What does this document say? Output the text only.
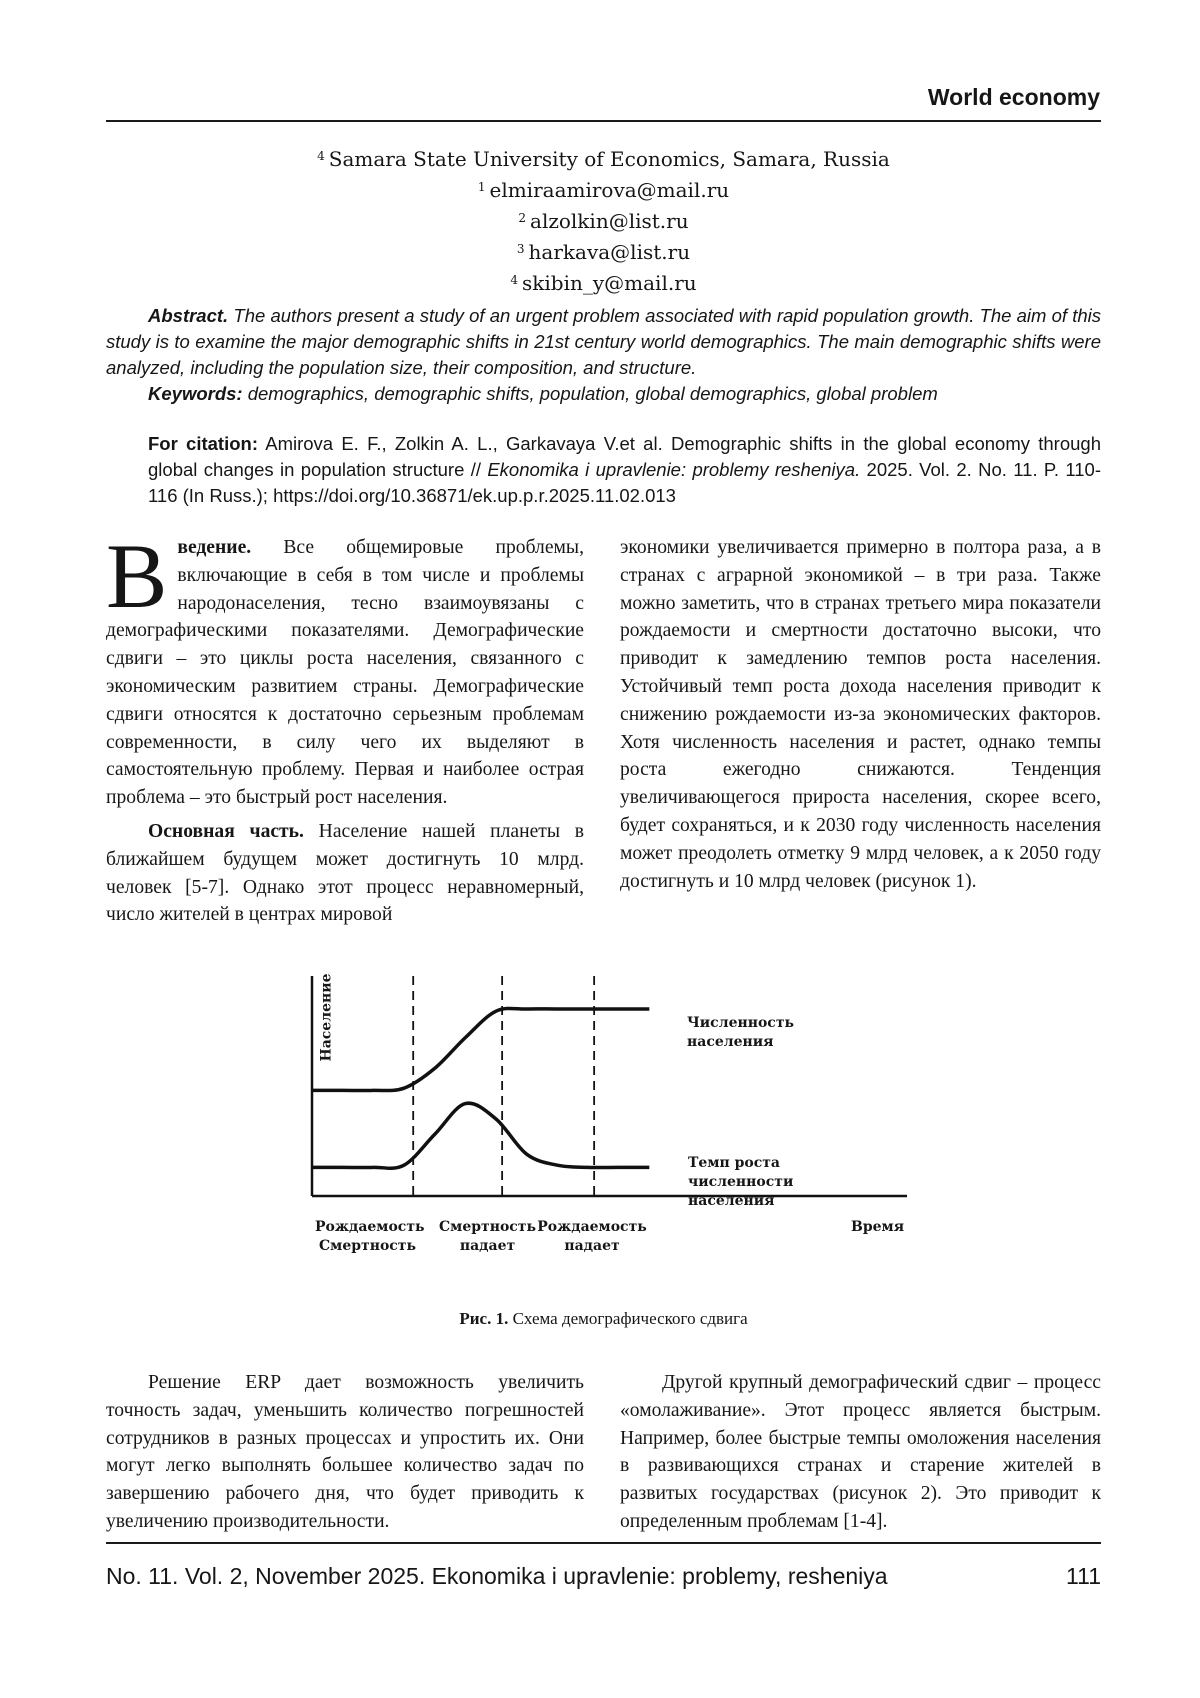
World economy
$^4$ Samara State University of Economics, Samara, Russia
$^1$ elmiraamirova@mail.ru
$^2$ alzolkin@list.ru
$^3$ harkava@list.ru
$^4$ skibin_y@mail.ru

Abstract. The authors present a study of an urgent problem associated with rapid population growth. The aim of this study is to examine the major demographic shifts in 21st century world demographics. The main demographic shifts were analyzed, including the population size, their composition, and structure.

Keywords: demographics, demographic shifts, population, global demographics, global problem

For citation: Amirova E. F., Zolkin A. L., Garkavaya V.et al. Demographic shifts in the global economy through global changes in population structure // Ekonomika i upravlenie: problemy resheniya. 2025. Vol. 2. No. 11. P. 110-116 (In Russ.); https://doi.org/10.36871/ek.up.p.r.2025.11.02.013

Введение. Все общемировые проблемы, включающие в себя в том числе и проблемы народонаселения, тесно взаимоувязаны с демографическими показателями. Демографические сдвиги – это циклы роста населения, связанного с экономическим развитием страны. Демографические сдвиги относятся к достаточно серьезным проблемам современности, в силу чего их выделяют в самостоятельную проблему. Первая и наиболее острая проблема – это быстрый рост населения.

Основная часть. Население нашей планеты в ближайшем будущем может достигнуть 10 млрд. человек [5-7]. Однако этот процесс неравномерный, число жителей в центрах мировой

экономики увеличивается примерно в полтора раза, а в странах с аграрной экономикой – в три раза. Также можно заметить, что в странах третьего мира показатели рождаемости и смертности достаточно высоки, что приводит к замедлению темпов роста населения. Устойчивый темп роста дохода населения приводит к снижению рождаемости из-за экономических факторов. Хотя численность населения и растет, однако темпы роста ежегодно снижаются. Тенденция увеличивающегося прироста населения, скорее всего, будет сохраняться, и к 2030 году численность населения может преодолеть отметку 9 млрд человек, а к 2050 году достигнуть и 10 млрд человек (рисунок 1).

Население	Численность
населения
Темп роста
численности
населения
Рождаемость
Смертность
Смертность
падает
Рождаемость
падает
Время
Рис. 1. Схема демографического сдвига

Решение ERP дает возможность увеличить точность задач, уменьшить количество погрешностей сотрудников в разных процессах и упростить их. Они могут легко выполнять большее количество задач по завершению рабочего дня, что будет приводить к увеличению производительности.

Другой крупный демографический сдвиг – процесс «омолаживание». Этот процесс является быстрым. Например, более быстрые темпы омоложения населения в развивающихся странах и старение жителей в развитых государствах (рисунок 2). Это приводит к определенным проблемам [1-4].

No. 11. Vol. 2, November 2025. Ekonomika i upravlenie: problemy, resheniya	111
